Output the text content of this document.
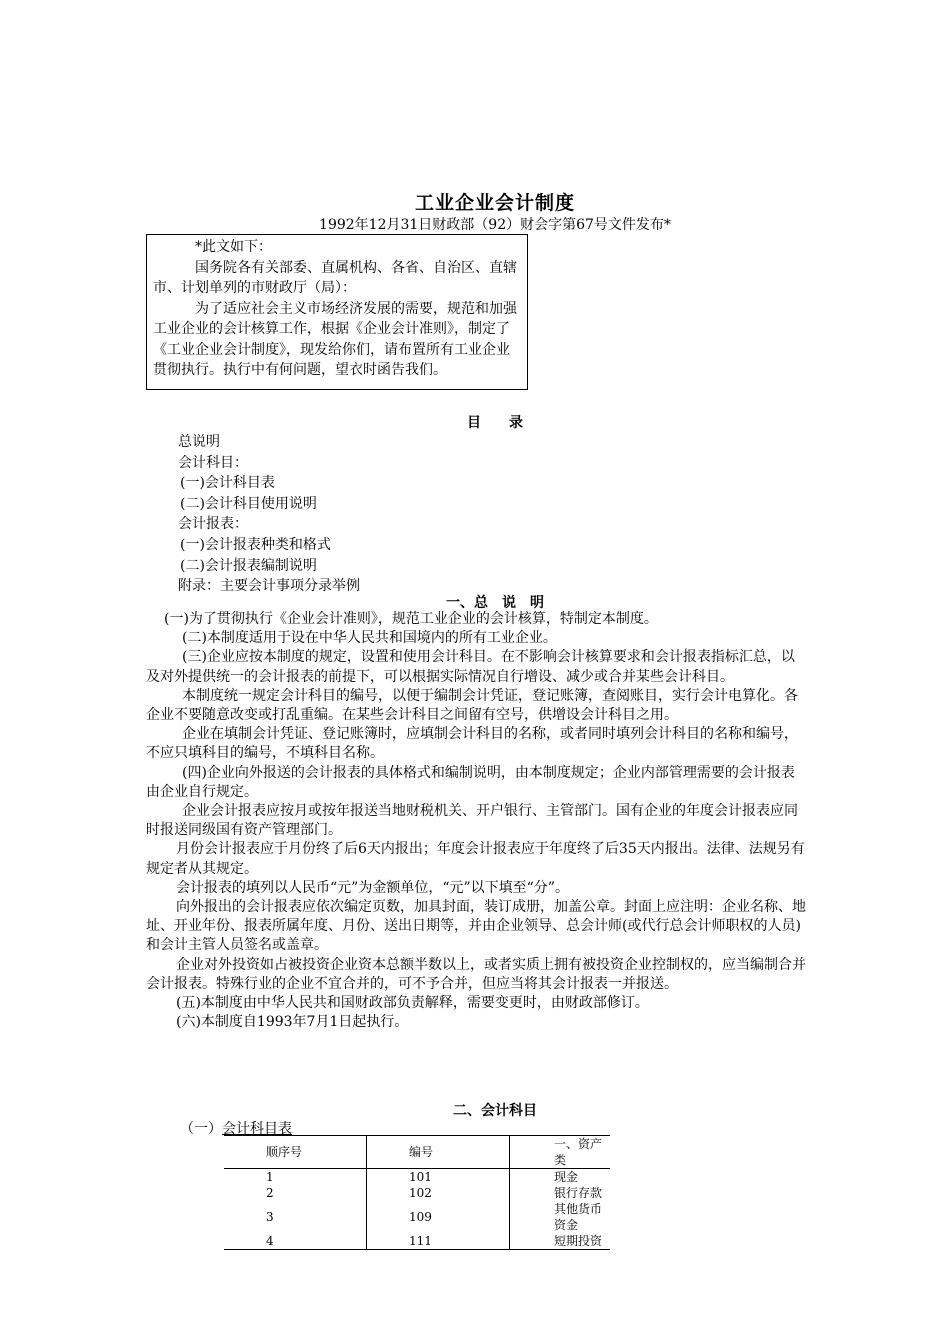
工业企业会计制度
1992年12月31日财政部（92）财会字第67号文件发布*

*此文如下：

国务院各有关部委、直属机构、各省、自治区、直辖市、计划单列的市财政厅（局）：

为了适应社会主义市场经济发展的需要，规范和加强工业企业的会计核算工作，根据《企业会计准则》，制定了《工业企业会计制度》，现发给你们，请布置所有工业企业贯彻执行。执行中有何问题，望衣时函告我们。

目　　录
总说明
会计科目：
(一)会计科目表
(二)会计科目使用说明
会计报表：
(一)会计报表种类和格式
(二)会计报表编制说明
附录：主要会计事项分录举例
一、总　说　明

(一)为了贯彻执行《企业会计准则》，规范工业企业的会计核算，特制定本制度。

(二)本制度适用于设在中华人民共和国境内的所有工业企业。

(三)企业应按本制度的规定，设置和使用会计科目。在不影响会计核算要求和会计报表指标汇总，以及对外提供统一的会计报表的前提下，可以根据实际情况自行增设、减少或合并某些会计科目。

本制度统一规定会计科目的编号，以便于编制会计凭证，登记账簿，查阅账目，实行会计电算化。各企业不要随意改变或打乱重编。在某些会计科目之间留有空号，供增设会计科目之用。

企业在填制会计凭证、登记账簿时，应填制会计科目的名称，或者同时填列会计科目的名称和编号，不应只填科目的编号，不填科目名称。

(四)企业向外报送的会计报表的具体格式和编制说明，由本制度规定；企业内部管理需要的会计报表由企业自行规定。

企业会计报表应按月或按年报送当地财税机关、开户银行、主管部门。国有企业的年度会计报表应同时报送同级国有资产管理部门。

月份会计报表应于月份终了后6天内报出；年度会计报表应于年度终了后35天内报出。法律、法规另有规定者从其规定。

会计报表的填列以人民币“元”为金额单位，“元”以下填至“分”。

向外报出的会计报表应依次编定页数，加具封面，装订成册，加盖公章。封面上应注明：企业名称、地址、开业年份、报表所属年度、月份、送出日期等，并由企业领导、总会计师(或代行总会计师职权的人员)和会计主管人员签名或盖章。

企业对外投资如占被投资企业资本总额半数以上，或者实质上拥有被投资企业控制权的，应当编制合并会计报表。特殊行业的企业不宜合并的，可不予合并，但应当将其会计报表一并报送。

(五)本制度由中华人民共和国财政部负责解释，需要变更时，由财政部修订。

(六)本制度自1993年7月1日起执行。

二、会计科目
（一）会计科目表
顺序号	编号	一、资产类
1	101	现金
2	102	银行存款
3	109	其他货币资金
4	111	短期投资
